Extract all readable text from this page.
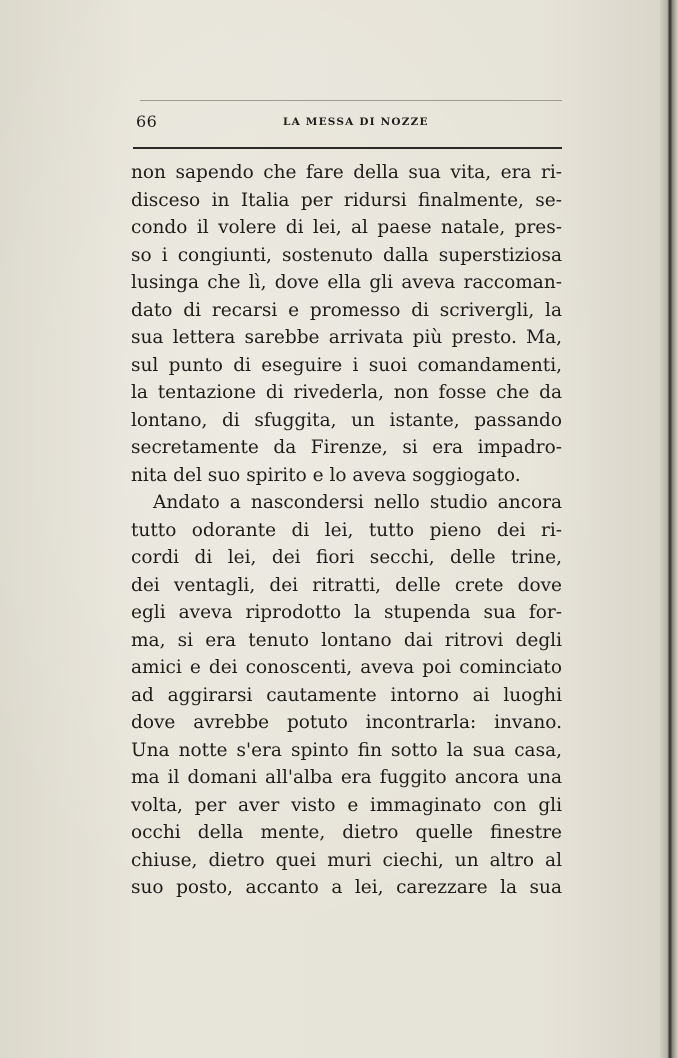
66	LA MESSA DI NOZZE
non sapendo che fare della sua vita, era ri-
disceso in Italia per ridursi finalmente, se-
condo il volere di lei, al paese natale, pres-
so i congiunti, sostenuto dalla superstiziosa
lusinga che lì, dove ella gli aveva raccoman-
dato di recarsi e promesso di scrivergli, la
sua lettera sarebbe arrivata più presto. Ma,
sul punto di eseguire i suoi comandamenti,
la tentazione di rivederla, non fosse che da
lontano, di sfuggita, un istante, passando
secretamente da Firenze, si era impadro-
nita del suo spirito e lo aveva soggiogato.
Andato a nascondersi nello studio ancora
tutto odorante di lei, tutto pieno dei ri-
cordi di lei, dei fiori secchi, delle trine,
dei ventagli, dei ritratti, delle crete dove
egli aveva riprodotto la stupenda sua for-
ma, si era tenuto lontano dai ritrovi degli
amici e dei conoscenti, aveva poi cominciato
ad aggirarsi cautamente intorno ai luoghi
dove avrebbe potuto incontrarla: invano.
Una notte s'era spinto fin sotto la sua casa,
ma il domani all'alba era fuggito ancora una
volta, per aver visto e immaginato con gli
occhi della mente, dietro quelle finestre
chiuse, dietro quei muri ciechi, un altro al
suo posto, accanto a lei, carezzare la sua
